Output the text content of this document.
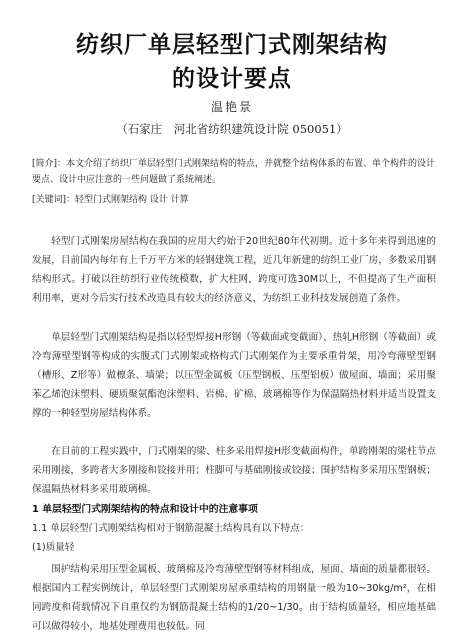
纺织厂单层轻型门式刚架结构
的设计要点
温艳景
（石家庄　河北省纺织建筑设计院 050051）
[简介]：本文介绍了纺织厂单层轻型门式刚架结构的特点，并就整个结构体系的布置、单个构件的设计要点、设计中应注意的一些问题做了系统阐述。
[关键词]：轻型门式刚架结构 设计 计算
轻型门式刚架房屋结构在我国的应用大约始于20世纪80年代初期。近十多年来得到迅速的发展，目前国内每年有上千万平方米的轻钢建筑工程，近几年新建的纺织工业厂房，多数采用钢结构形式。打破以往纺织行业传统模数，扩大柱网，跨度可选30M以上，不但提高了生产面积利用率，更对今后实行技术改造具有较大的经济意义，为纺织工业科技发展创造了条件。
单层轻型门式刚架结构是指以轻型焊接H形钢（等截面或变截面）、热轧H形钢（等截面）或冷弯薄壁型钢等构成的实腹式门式刚架或格构式门式刚架作为主要承重骨架，用冷弯薄壁型钢（槽形、Z形等）做檩条、墙梁；以压型金属板（压型钢板、压型铝板）做屋面、墙面；采用聚苯乙烯泡沫塑料、硬质聚氨酯泡沫塑料、岩棉、矿棉、玻璃棉等作为保温隔热材料并适当设置支撑的一种轻型房屋结构体系。
在目前的工程实践中，门式刚架的梁、柱多采用焊接H形变截面构件，单跨刚架的梁柱节点采用刚接，多跨者大多刚接和铰接并用；柱脚可与基础刚接或铰接；围护结构多采用压型钢板；保温隔热材料多采用玻璃棉。
1 单层轻型门式刚架结构的特点和设计中的注意事项
1.1 单层轻型门式刚架结构相对于钢筋混凝土结构具有以下特点：
(1)质量轻
围护结构采用压型金属板、玻璃棉及冷弯薄壁型钢等材料组成，屋面、墙面的质量都很轻。根据国内工程实例统计，单层轻型门式刚架房屋承重结构的用钢量一般为10~30kg/m²，在相同跨度和荷载情况下自重仅约为钢筋混凝土结构的1/20~1/30。由于结构质量轻，相应地基础可以做得较小，地基处理费用也较低。同
